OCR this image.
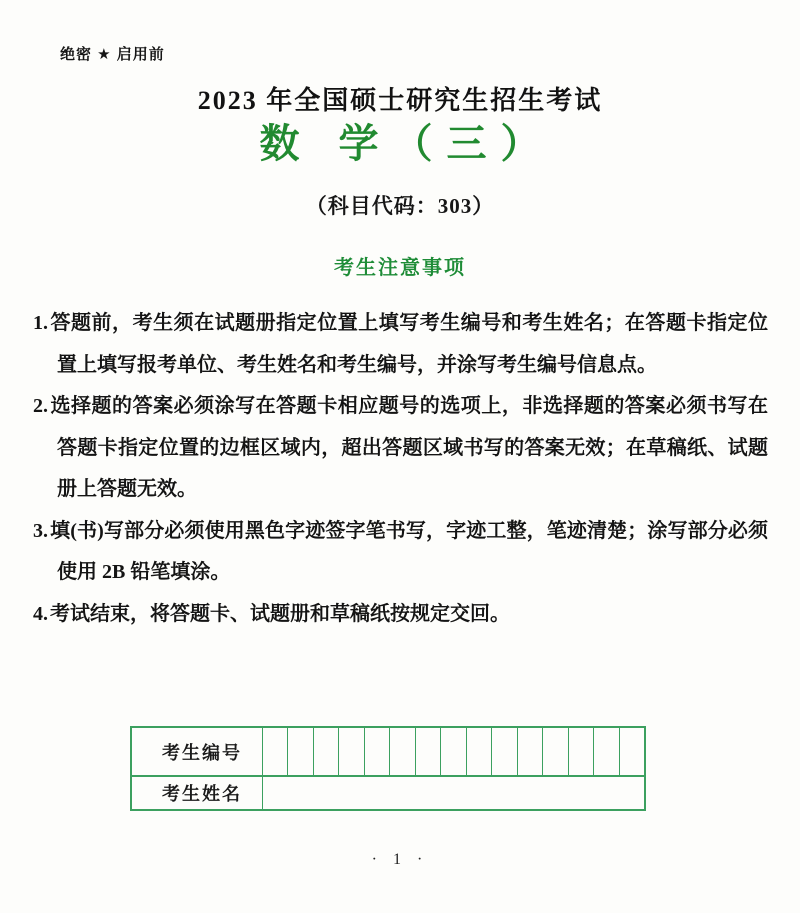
绝密 ★ 启用前
2023 年全国硕士研究生招生考试
数 学（三）
（科目代码：303）
考生注意事项
1. 答题前，考生须在试题册指定位置上填写考生编号和考生姓名；在答题卡指定位置上填写报考单位、考生姓名和考生编号，并涂写考生编号信息点。
2. 选择题的答案必须涂写在答题卡相应题号的选项上，非选择题的答案必须书写在答题卡指定位置的边框区域内，超出答题区域书写的答案无效；在草稿纸、试题册上答题无效。
3. 填(书)写部分必须使用黑色字迹签字笔书写，字迹工整，笔迹清楚；涂写部分必须使用 2B 铅笔填涂。
4. 考试结束，将答题卡、试题册和草稿纸按规定交回。
考生编号
考生姓名
· 1 ·
